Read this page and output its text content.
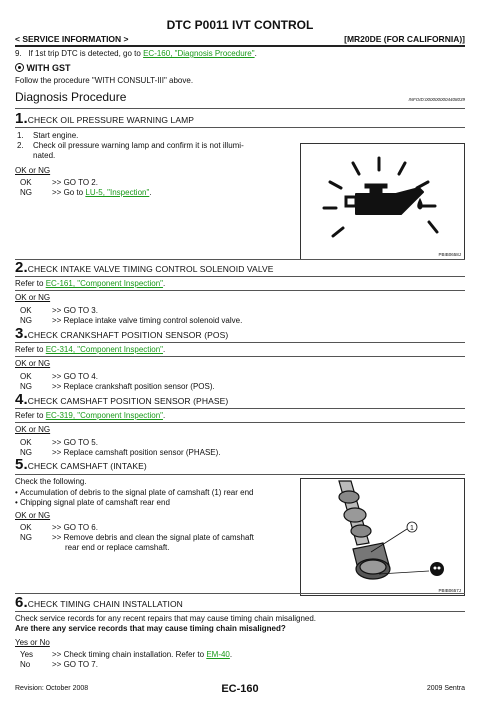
DTC P0011 IVT CONTROL
< SERVICE INFORMATION >	[MR20DE (FOR CALIFORNIA)]
9. If 1st trip DTC is detected, go to EC-160, "Diagnosis Procedure".
WITH GST
Follow the procedure "WITH CONSULT-III" above.
Diagnosis Procedure	INFOID:0000000004408039
1.CHECK OIL PRESSURE WARNING LAMP
1. Start engine.
2. Check oil pressure warning lamp and confirm it is not illumi-
nated.
OK or NG
OK	>> GO TO 2.
NG	>> Go to LU-5, "Inspection".
PBIB0658J
2.CHECK INTAKE VALVE TIMING CONTROL SOLENOID VALVE
Refer to EC-161, "Component Inspection".
OK or NG
OK	>> GO TO 3.
NG	>> Replace intake valve timing control solenoid valve.
3.CHECK CRANKSHAFT POSITION SENSOR (POS)
Refer to EC-314, "Component Inspection".
OK or NG
OK	>> GO TO 4.
NG	>> Replace crankshaft position sensor (POS).
4.CHECK CAMSHAFT POSITION SENSOR (PHASE)
Refer to EC-319, "Component Inspection".
OK or NG
OK	>> GO TO 5.
NG	>> Replace camshaft position sensor (PHASE).
5.CHECK CAMSHAFT (INTAKE)
Check the following.
• Accumulation of debris to the signal plate of camshaft (1) rear end
• Chipping signal plate of camshaft rear end
OK or NG
OK	>> GO TO 6.
NG	>> Remove debris and clean the signal plate of camshaft
rear end or replace camshaft.
1
PBIB0657J
6.CHECK TIMING CHAIN INSTALLATION
Check service records for any recent repairs that may cause timing chain misaligned.
Are there any service records that may cause timing chain misaligned?
Yes or No
Yes >> Check timing chain installation. Refer to EM-40.
No	>> GO TO 7.
Revision: October 2008	EC-160	2009 Sentra
